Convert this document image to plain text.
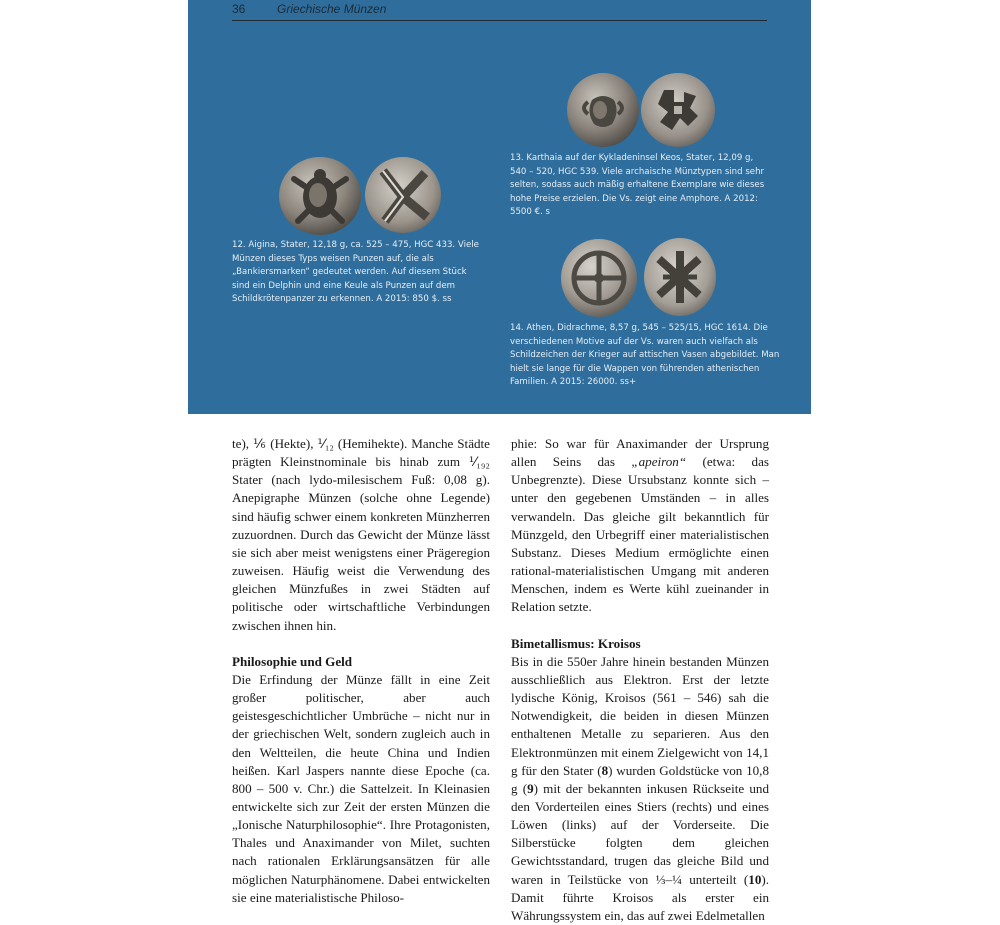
36	Griechische Münzen
12. Aigina, Stater, 12,18 g, ca. 525 – 475, HGC 433. Viele Münzen dieses Typs weisen Punzen auf, die als „Bankiersmarken“ gedeutet werden. Auf diesem Stück sind ein Delphin und eine Keule als Punzen auf dem Schildkrötenpanzer zu erkennen. A 2015: 850 $. ss
13. Karthaia auf der Kykladeninsel Keos, Stater, 12,09 g, 540 – 520, HGC 539. Viele archaische Münztypen sind sehr selten, sodass auch mäßig erhaltene Exemplare wie dieses hohe Preise erzielen. Die Vs. zeigt eine Amphore. A 2012: 5500 €. s
14. Athen, Didrachme, 8,57 g, 545 – 525/15, HGC 1614. Die verschiedenen Motive auf der Vs. waren auch vielfach als Schildzeichen der Krieger auf attischen Vasen abgebildet. Man hielt sie lange für die Wappen von führenden athenischen Familien. A 2015: 26000. ss+

te), ⅙ (Hekte), ⅟₁₂ (Hemihekte). Manche Städte prägten Kleinstnominale bis hinab zum ⅟₁₉₂ Stater (nach lydo-milesischem Fuß: 0,08 g). Anepigraphe Münzen (solche ohne Legende) sind häufig schwer einem konkreten Münzherren zuzuordnen. Durch das Gewicht der Münze lässt sie sich aber meist wenigstens einer Prägeregion zuweisen. Häufig weist die Verwendung des gleichen Münzfußes in zwei Städten auf politische oder wirtschaftliche Verbindungen zwischen ihnen hin.

Philosophie und Geld

Die Erfindung der Münze fällt in eine Zeit großer politischer, aber auch geistesgeschichtlicher Umbrüche – nicht nur in der griechischen Welt, sondern zugleich auch in den Weltteilen, die heute China und Indien heißen. Karl Jaspers nannte diese Epoche (ca. 800 – 500 v. Chr.) die Sattelzeit. In Kleinasien entwickelte sich zur Zeit der ersten Münzen die „Ionische Naturphilosophie“. Ihre Protagonisten, Thales und Anaximander von Milet, suchten nach rationalen Erklärungsansätzen für alle möglichen Naturphänomene. Dabei entwickelten sie eine materialistische Philoso-

phie: So war für Anaximander der Ursprung allen Seins das „apeiron“ (etwa: das Unbegrenzte). Diese Ursubstanz konnte sich – unter den gegebenen Umständen – in alles verwandeln. Das gleiche gilt bekanntlich für Münzgeld, den Urbegriff einer materialistischen Substanz. Dieses Medium ermöglichte einen rational-materialistischen Umgang mit anderen Menschen, indem es Werte kühl zueinander in Relation setzte.

Bimetallismus: Kroisos

Bis in die 550er Jahre hinein bestanden Münzen ausschließlich aus Elektron. Erst der letzte lydische König, Kroisos (561 – 546) sah die Notwendigkeit, die beiden in diesen Münzen enthaltenen Metalle zu separieren. Aus den Elektronmünzen mit einem Zielgewicht von 14,1 g für den Stater (8) wurden Goldstücke von 10,8 g (9) mit der bekannten inkusen Rückseite und den Vorderteilen eines Stiers (rechts) und eines Löwen (links) auf der Vorderseite. Die Silberstücke folgten dem gleichen Gewichtsstandard, trugen das gleiche Bild und waren in Teilstücke von ⅓–¼ unterteilt (10). Damit führte Kroisos als erster ein Währungssystem ein, das auf zwei Edelmetallen
